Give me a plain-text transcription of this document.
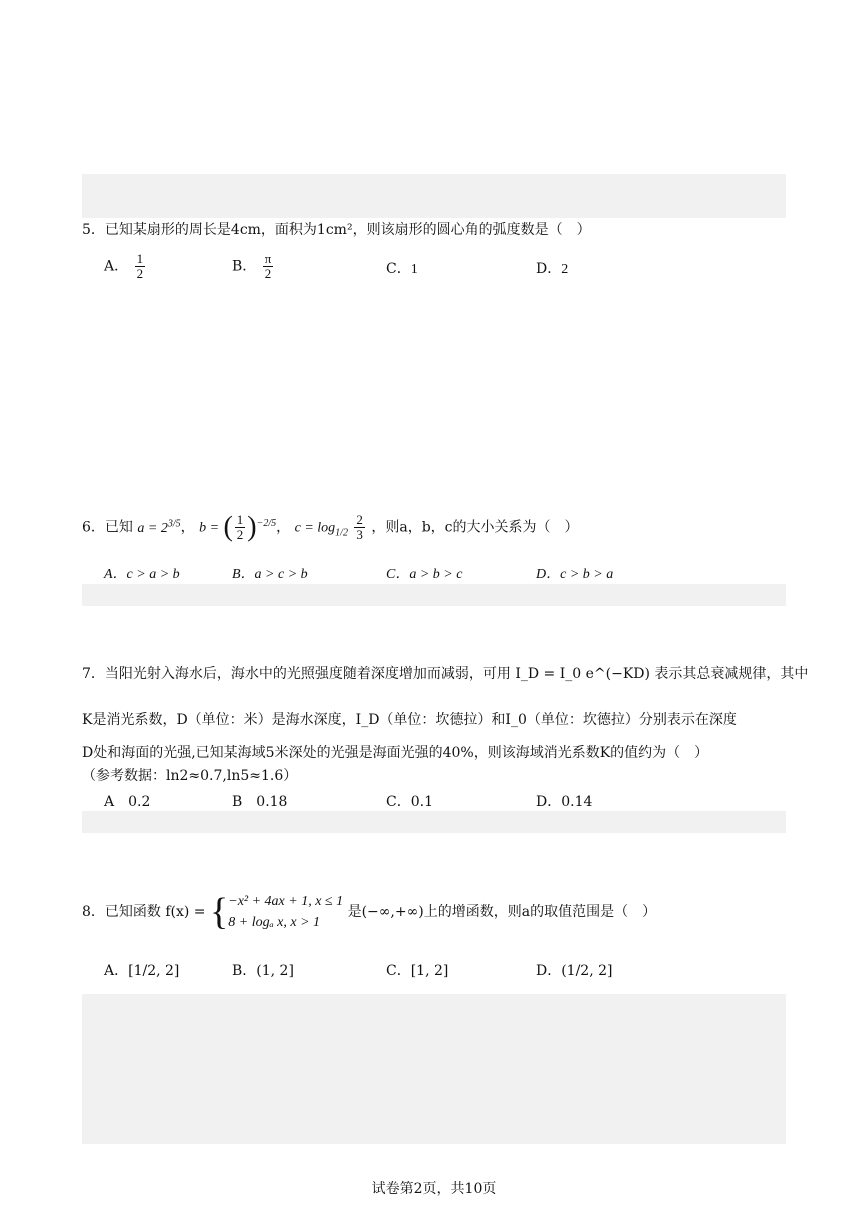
5．已知某扇形的周长是4cm，面积为1cm²，则该扇形的圆心角的弧度数是（　）
A． $\frac{1}{2}$	B． $\frac{\pi}{2}$	C．1	D．2
6．已知 $a = 2^{3/5}$， b = ( $\frac{1}{2} )^{-2/5}$， $c = \log_{1/2} \frac{2}{3}$ ，则a，b，c的大小关系为（　）
A．c > a > b	B．a > c > b	C．a > b > c	D．c > b > a
7．当阳光射入海水后，海水中的光照强度随着深度增加而减弱，可用 I_D = I_0 e^(−KD) 表示其总衰减规律，其中
K是消光系数，D（单位：米）是海水深度，I_D（单位：坎德拉）和I_0（单位：坎德拉）分别表示在深度
D处和海面的光强,已知某海域5米深处的光强是海面光强的40%，则该海域消光系数K的值约为（　）
（参考数据：ln2≈0.7,ln5≈1.6）
A　0.2	B　0.18	C．0.1	D．0.14
8．已知函数 f(x) = { −x² + 4ax + 1, x ≤ 1
8 + logₐ x, x > 1
是(−∞,+∞)上的增函数，则a的取值范围是（　）
A．[1/2, 2]	B．(1, 2]	C．[1, 2]	D．(1/2, 2]
试卷第2页，共10页
